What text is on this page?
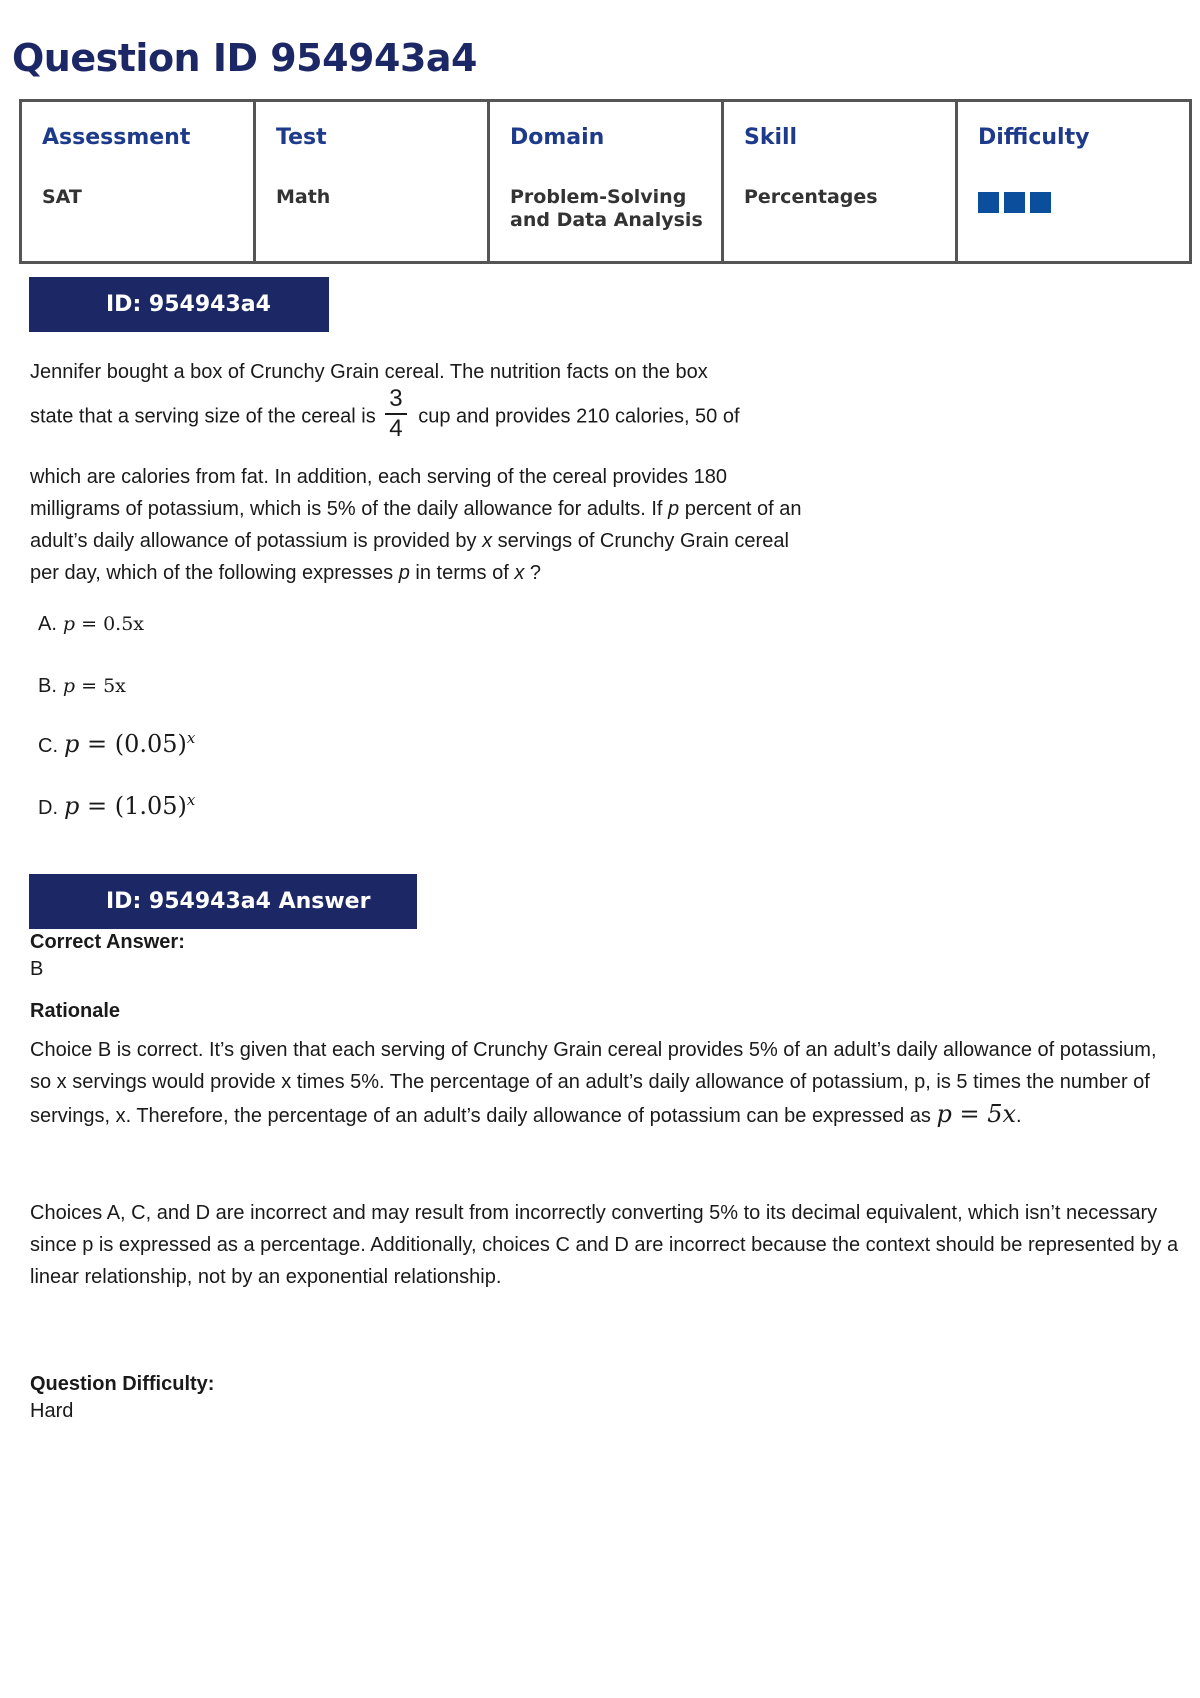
Question ID 954943a4
Assessment
SAT

Test
Math

Domain
Problem-Solving
and Data Analysis

Skill
Percentages

Difficulty
ID: 954943a4

Jennifer bought a box of Crunchy Grain cereal. The nutrition facts on the box

state that a serving size of the cereal is $\frac{3}{4}$ cup and provides 210 calories, 50 of

which are calories from fat. In addition, each serving of the cereal provides 180 milligrams of potassium, which is 5% of the daily allowance for adults. If p percent of an adult’s daily allowance of potassium is provided by x servings of Crunchy Grain cereal per day, which of the following expresses p in terms of x ?

A. p = 0.5x
B. p = 5x
C. $p = (0.05)^x$
D. $p = (1.05)^x$
ID: 954943a4 Answer

Correct Answer:

B

Rationale

Choice B is correct. It’s given that each serving of Crunchy Grain cereal provides 5% of an adult’s daily allowance of potassium, so x servings would provide x times 5%. The percentage of an adult’s daily allowance of potassium, p, is 5 times the number of servings, x. Therefore, the percentage of an adult’s daily allowance of potassium can be expressed as p = 5x.

Choices A, C, and D are incorrect and may result from incorrectly converting 5% to its decimal equivalent, which isn’t necessary since p is expressed as a percentage. Additionally, choices C and D are incorrect because the context should be represented by a linear relationship, not by an exponential relationship.

Question Difficulty:

Hard
